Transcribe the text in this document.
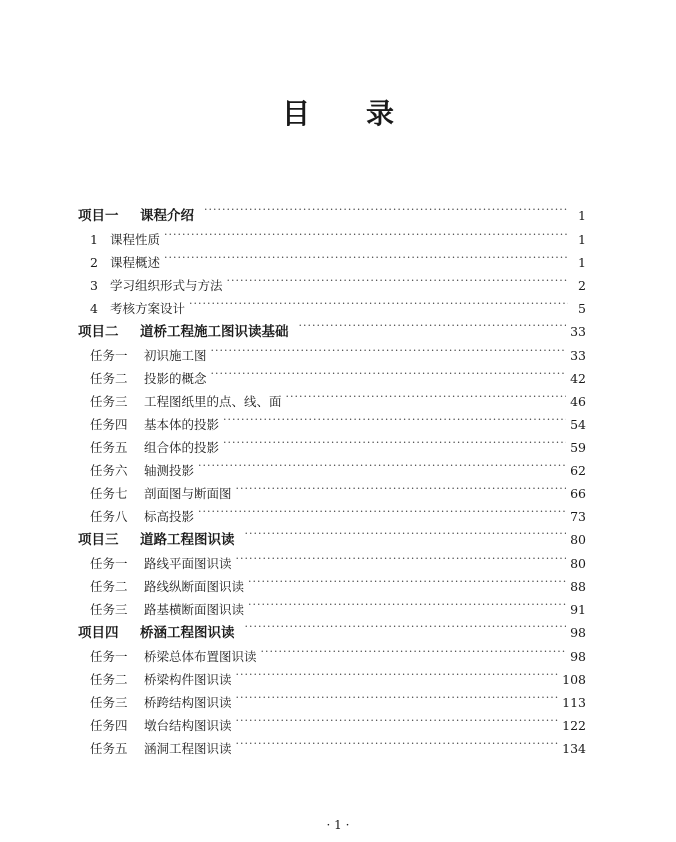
目 录
项目一	课程介绍 ·····	1
1 课程性质 ·····	1
2 课程概述 ·····	1
3 学习组织形式与方法 ·····	2
4 考核方案设计 ·····	5
项目二	道桥工程施工图识读基础 ·····	33
任务一	初识施工图 ·····	33
任务二	投影的概念 ·····	42
任务三	工程图纸里的点、线、面 ·····	46
任务四	基本体的投影 ·····	54
任务五	组合体的投影 ·····	59
任务六	轴测投影 ·····	62
任务七	剖面图与断面图 ·····	66
任务八	标高投影 ·····	73
项目三	道路工程图识读 ·····	80
任务一	路线平面图识读 ·····	80
任务二	路线纵断面图识读 ·····	88
任务三	路基横断面图识读 ·····	91
项目四	桥涵工程图识读 ·····	98
任务一	桥梁总体布置图识读 ·····	98
任务二	桥梁构件图识读 ·····	108
任务三	桥跨结构图识读 ·····	113
任务四	墩台结构图识读 ·····	122
任务五	涵洞工程图识读 ·····	134
· 1 ·
